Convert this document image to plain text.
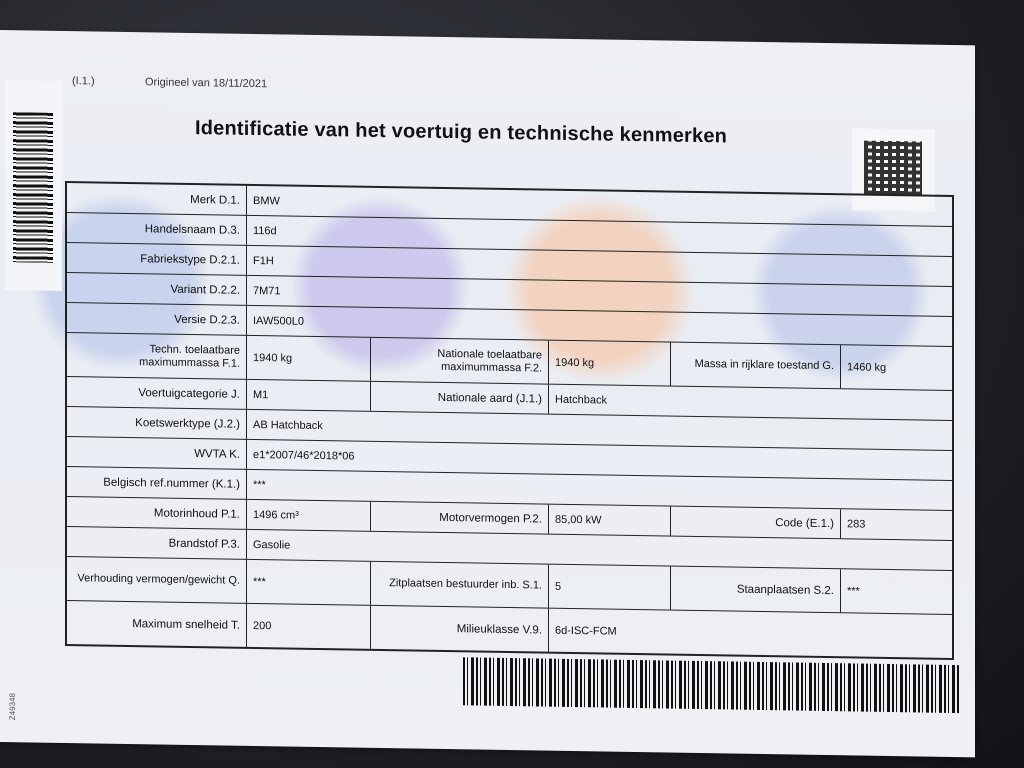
(I.1.)	Origineel van 18/11/2021
Identificatie van het voertuig en technische kenmerken
Merk D.1.	BMW
Handelsnaam D.3.	116d
Fabriekstype D.2.1.	F1H
Variant D.2.2.	7M71
Versie D.2.3.	IAW500L0
Techn. toelaatbare maximummassa F.1.	1940 kg	Nationale toelaatbare maximummassa F.2.	1940 kg	Massa in rijklare toestand G.	1460 kg
Voertuigcategorie J.	M1	Nationale aard (J.1.)	Hatchback
Koetswerktype (J.2.)	AB Hatchback
WVTA K.	e1*2007/46*2018*06
Belgisch ref.nummer (K.1.)	***
Motorinhoud P.1.	1496 cm³	Motorvermogen P.2.	85,00 kW	Code (E.1.)	283
Brandstof P.3.	Gasolie
Verhouding vermogen/gewicht Q.	***	Zitplaatsen bestuurder inb. S.1.	5	Staanplaatsen S.2.	***
Maximum snelheid T.	200	Milieuklasse V.9.	6d-ISC-FCM
Z49348
